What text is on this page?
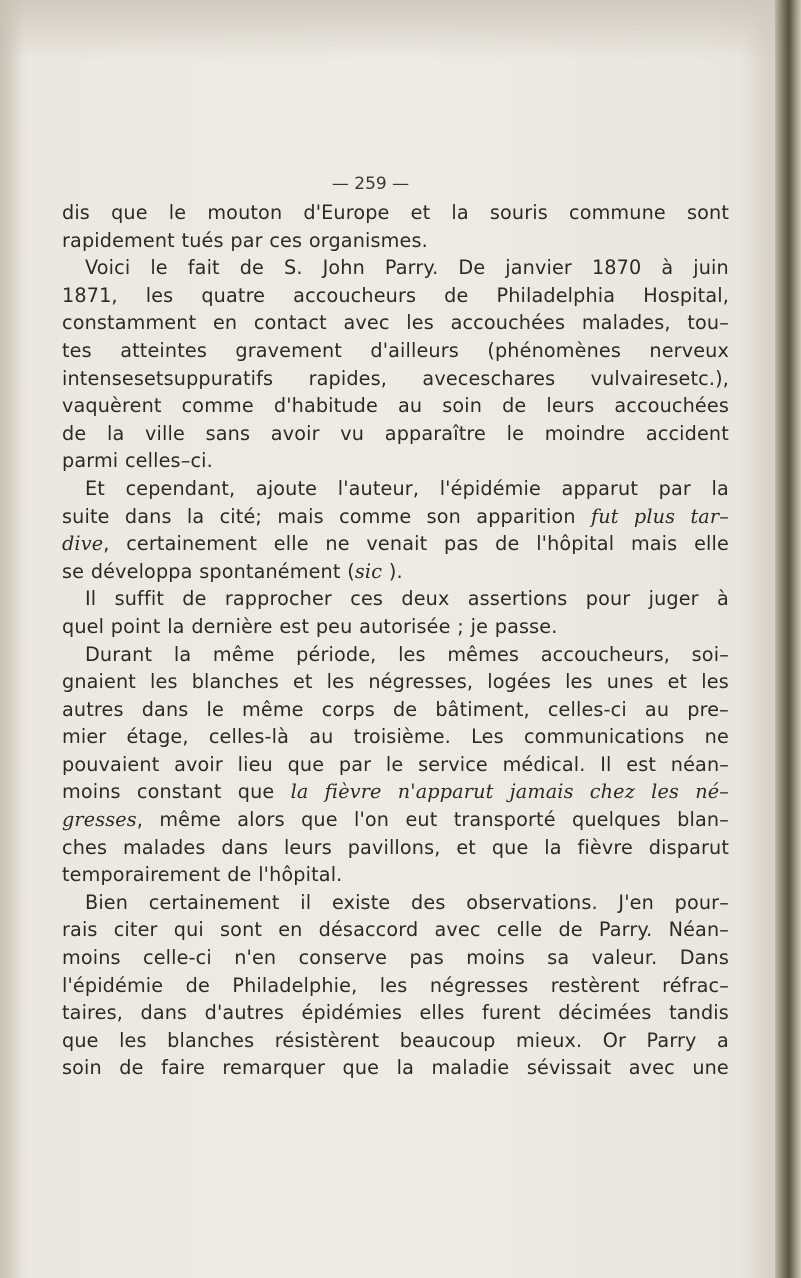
— 259 —
dis que le mouton d'Europe et la souris commune sont
rapidement tués par ces organismes.
Voici le fait de S. John Parry. De janvier 1870 à juin
1871, les quatre accoucheurs de Philadelphia Hospital,
constamment en contact avec les accouchées malades, tou–
tes atteintes gravement d'ailleurs (phénomènes nerveux
intensesetsuppuratifs rapides, aveceschares vulvairesetc.),
vaquèrent comme d'habitude au soin de leurs accouchées
de la ville sans avoir vu apparaître le moindre accident
parmi celles–ci.
Et cependant, ajoute l'auteur, l'épidémie apparut par la
suite dans la cité; mais comme son apparition fut plus tar–
dive, certainement elle ne venait pas de l'hôpital mais elle
se développa spontanément (sic ).
Il suffit de rapprocher ces deux assertions pour juger à
quel point la dernière est peu autorisée ; je passe.
Durant la même période, les mêmes accoucheurs, soi–
gnaient les blanches et les négresses, logées les unes et les
autres dans le même corps de bâtiment, celles-ci au pre–
mier étage, celles-là au troisième. Les communications ne
pouvaient avoir lieu que par le service médical. Il est néan–
moins constant que la fièvre n'apparut jamais chez les né–
gresses, même alors que l'on eut transporté quelques blan–
ches malades dans leurs pavillons, et que la fièvre disparut
temporairement de l'hôpital.
Bien certainement il existe des observations. J'en pour–
rais citer qui sont en désaccord avec celle de Parry. Néan–
moins celle-ci n'en conserve pas moins sa valeur. Dans
l'épidémie de Philadelphie, les négresses restèrent réfrac–
taires, dans d'autres épidémies elles furent décimées tandis
que les blanches résistèrent beaucoup mieux. Or Parry a
soin de faire remarquer que la maladie sévissait avec une
